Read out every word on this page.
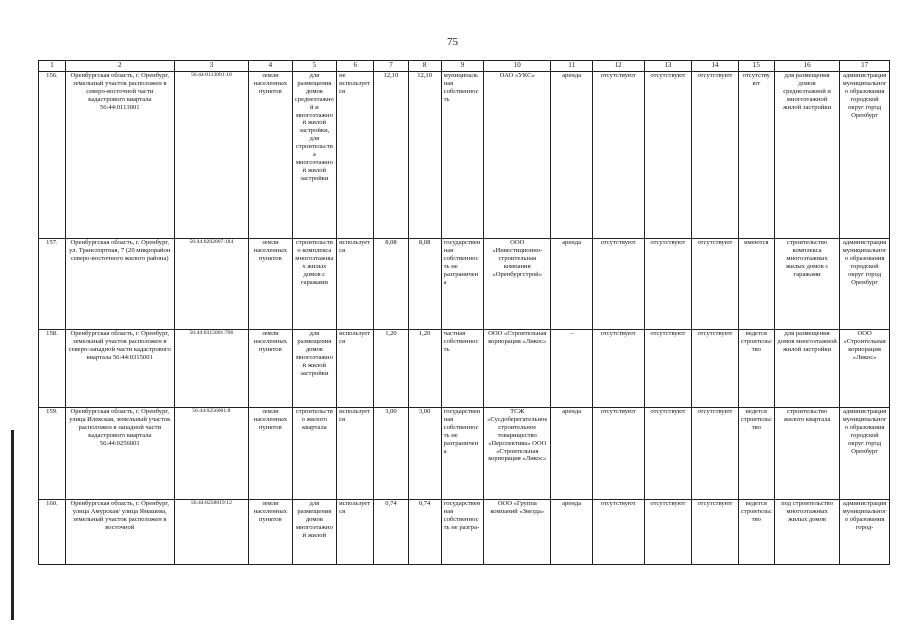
75
1	2	3	4	5	6	7	8	9	10	11	12	13	14	15	16	17
156.	Оренбургская область, г. Оренбург, земельный участок расположен в северо-восточной части кадастрового квартала 56:44:0113001	56:44:0113001:10	земли населенных пунктов	для размещения домов среднеэтажной и многоэтажной жилой застройки, для строительства многоэтажной жилой застройки	не используется	12,10	12,10	муниципальная собственность	ОАО «УКС»	аренда	отсутствуют	отсутствуют	отсутствуют	отсутствуют	для размещения домов среднеэтажной и многоэтажной жилой застройки	администрация муниципального образования городской округ город Оренбург
157.	Оренбургская область, г. Оренбург, ул. Транспортная, 7 (20 микрорайон северо-восточного жилого района)	56:44:0202007:184	земли населенных пунктов	строительство комплекса многоэтажных жилых домов с гаражами	используется	8,08	8,08	государственная собственность не разграничена	ООО «Инвестиционно-строительная компания «Оренбургстрой»	аренда	отсутствуют	отсутствуют	отсутствуют	имеются	строительство комплекса многоэтажных жилых домов с гаражами	администрация муниципального образования городской округ город Оренбург
158.	Оренбургская область, г. Оренбург, земельный участок расположен в северо-западной части кадастрового квартала 56:44:0315001	56:44:0315001:706	земли населенных пунктов	для размещения домов многоэтажной жилой застройки	используется	1,20	1,20	частная собственность	ООО «Строительная корпорация «Ликос»	-	отсутствуют	отсутствуют	отсутствуют	ведется строительство	для размещения домов многоэтажной жилой застройки	ООО «Строительная корпорация «Ликос»
159.	Оренбургская область, г. Оренбург, улица Илекская, земельный участок расположен в западной части кадастрового квартала 56:44:0256001	56:44:0256001:8	земли населенных пунктов	строительство жилого квартала	используется	3,00	3,00	государственная собственность не разграничена	ТСЖ «Сусдоберегательное строительное товарищество «Перспектива» ООО «Строительная корпорация «Ликос»	аренда	отсутствуют	отсутствуют	отсутствуют	ведется строительство	строительство жилого квартала	администрация муниципального образования городской округ город Оренбург
160.	Оренбургская область, г. Оренбург, улица Амурская/ улица Ямашева, земельный участок расположен в восточной	56:44:0258019:12	земли населенных пунктов	для размещения домов многоэтажной жилой	используется	0,74	0,74	государственная собственность не разгра-	ООО «Группа компаний «Звезда»	аренда	отсутствуют	отсутствуют	отсутствуют	ведется строительство	под строительство многоэтажных жилых домов	администрация муниципального образования город-
